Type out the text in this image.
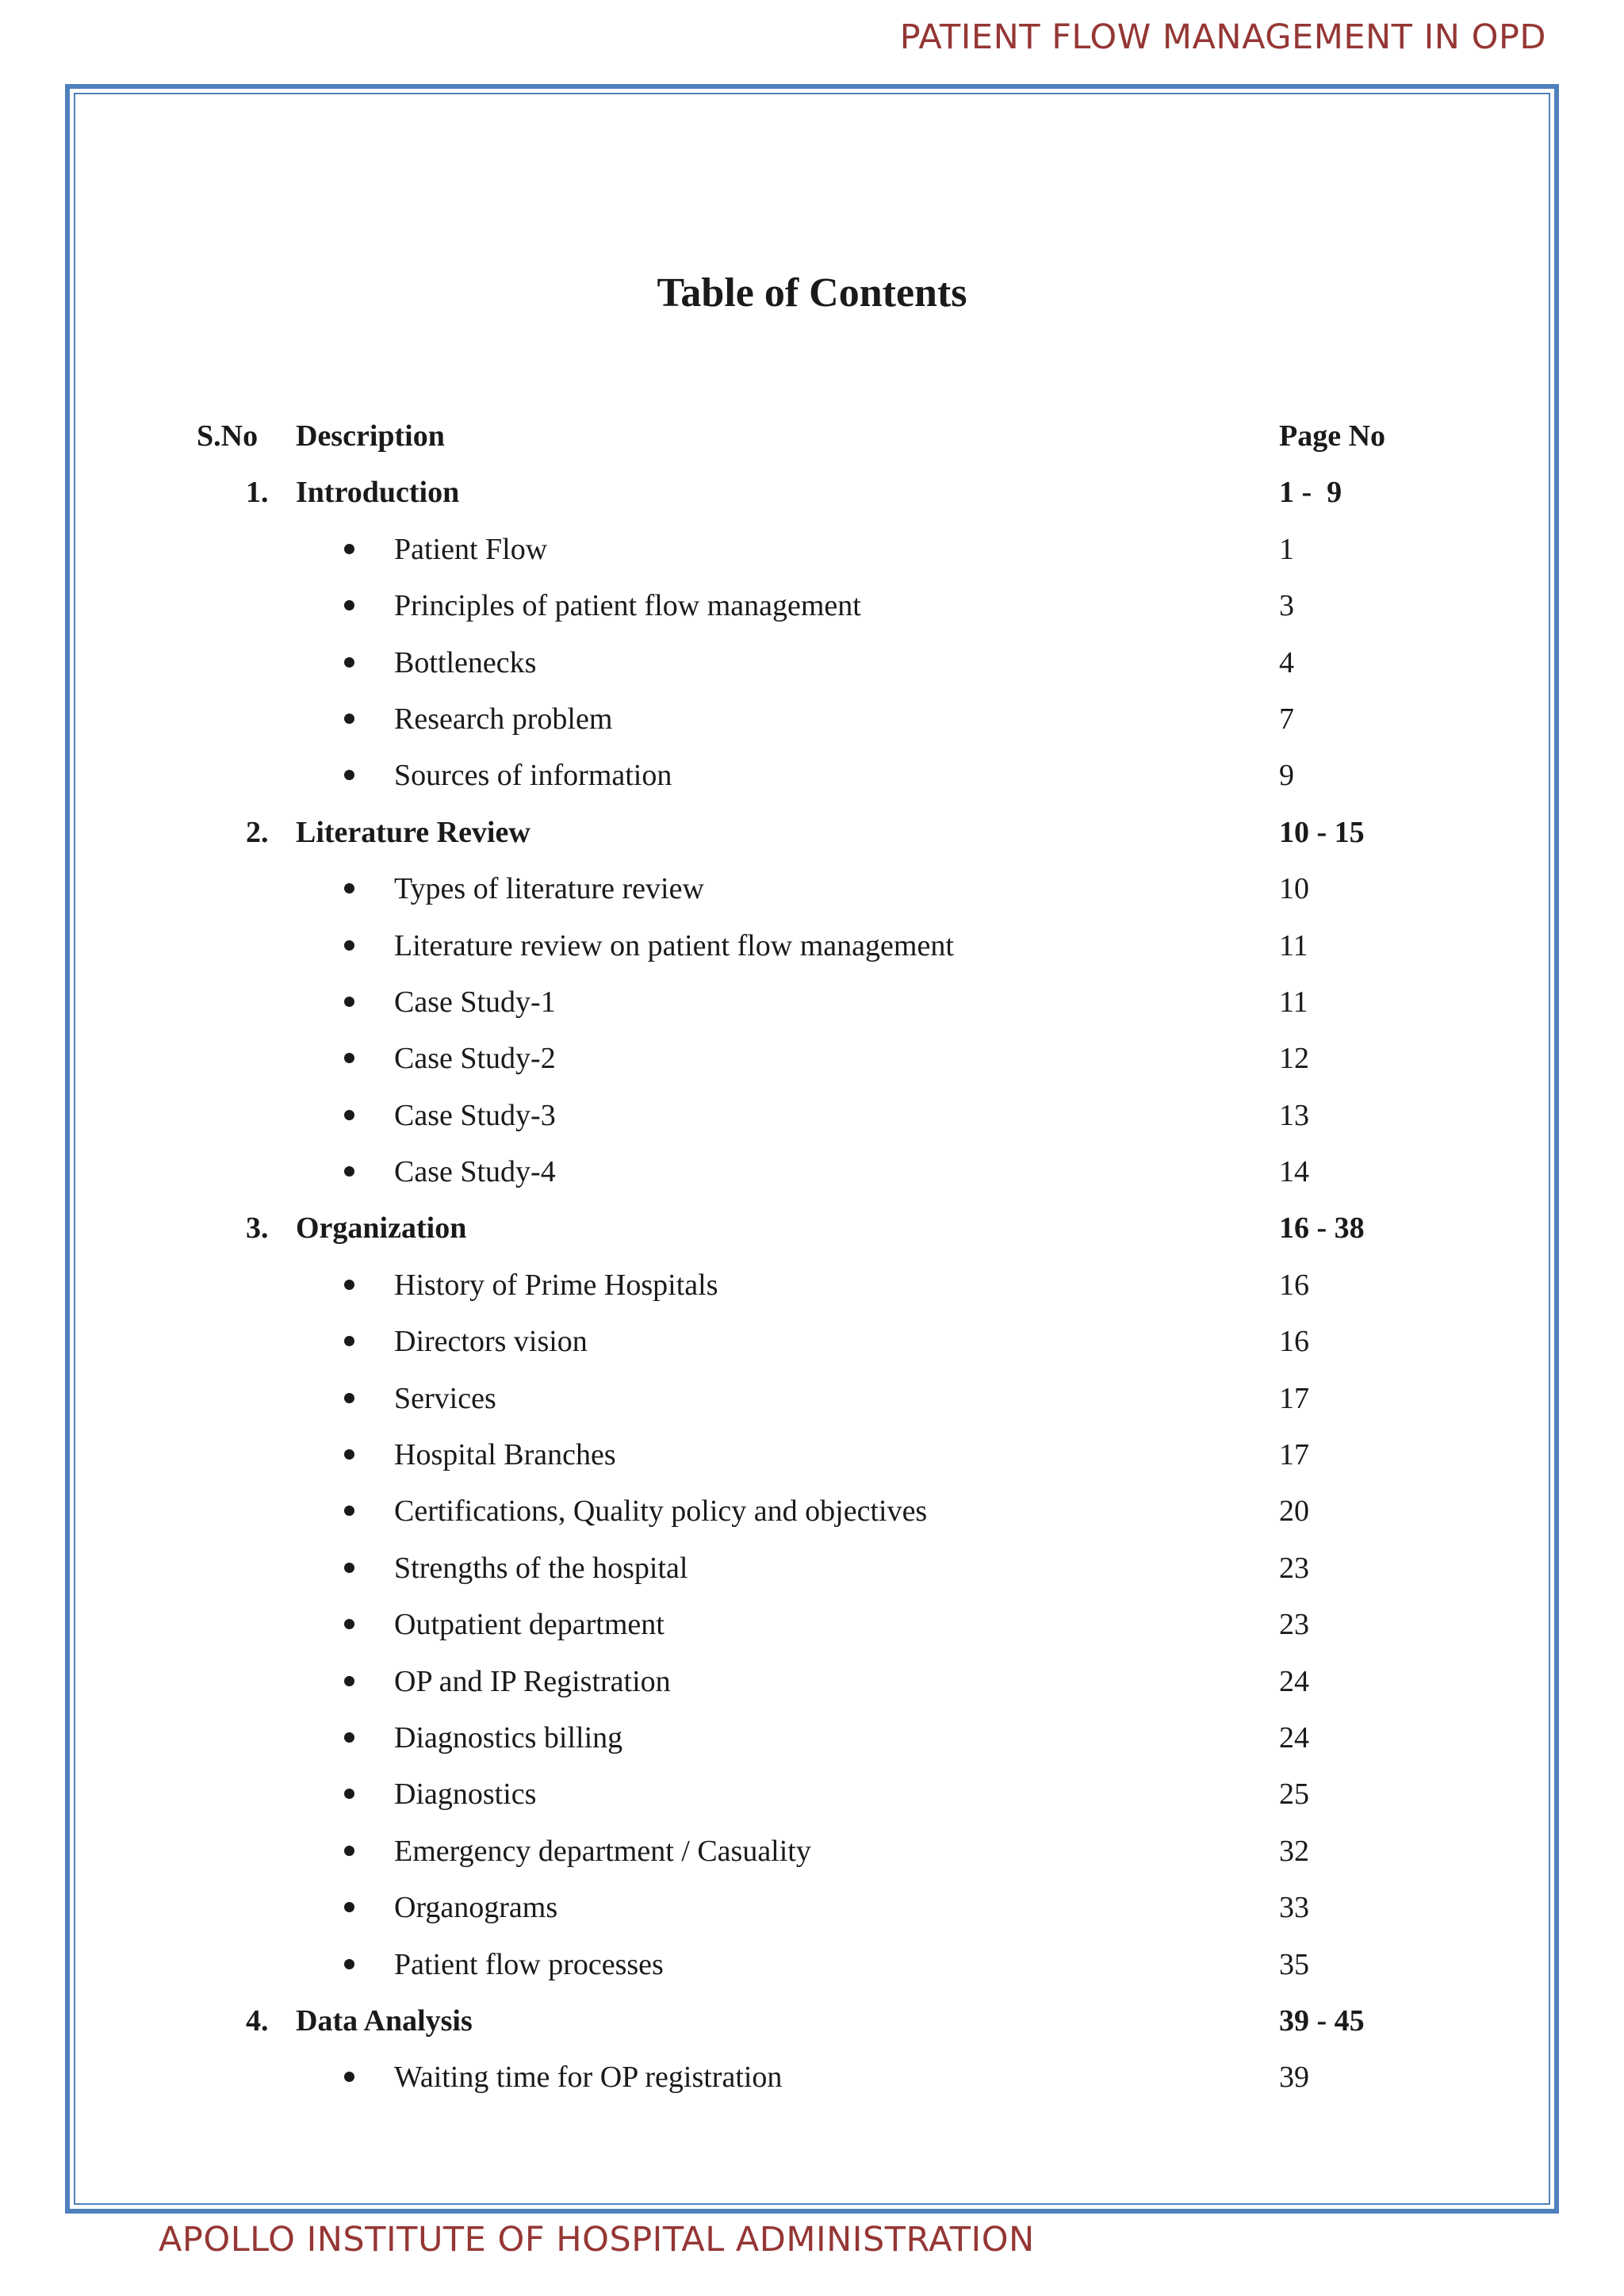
PATIENT FLOW MANAGEMENT IN OPD
Table of Contents
S.No Description	Page No
1. Introduction	1 -  9
Patient Flow	1
Principles of patient flow management	3
Bottlenecks	4
Research problem	7
Sources of information	9
2. Literature Review	10 - 15
Types of literature review	10
Literature review on patient flow management	11
Case Study-1	11
Case Study-2	12
Case Study-3	13
Case Study-4	14
3. Organization	16 - 38
History of Prime Hospitals	16
Directors vision	16
Services	17
Hospital Branches	17
Certifications, Quality policy and objectives	20
Strengths of the hospital	23
Outpatient department	23
OP and IP Registration	24
Diagnostics billing	24
Diagnostics	25
Emergency department / Casuality	32
Organograms	33
Patient flow processes	35
4. Data Analysis	39 - 45
Waiting time for OP registration	39
APOLLO INSTITUTE OF HOSPITAL ADMINISTRATION
